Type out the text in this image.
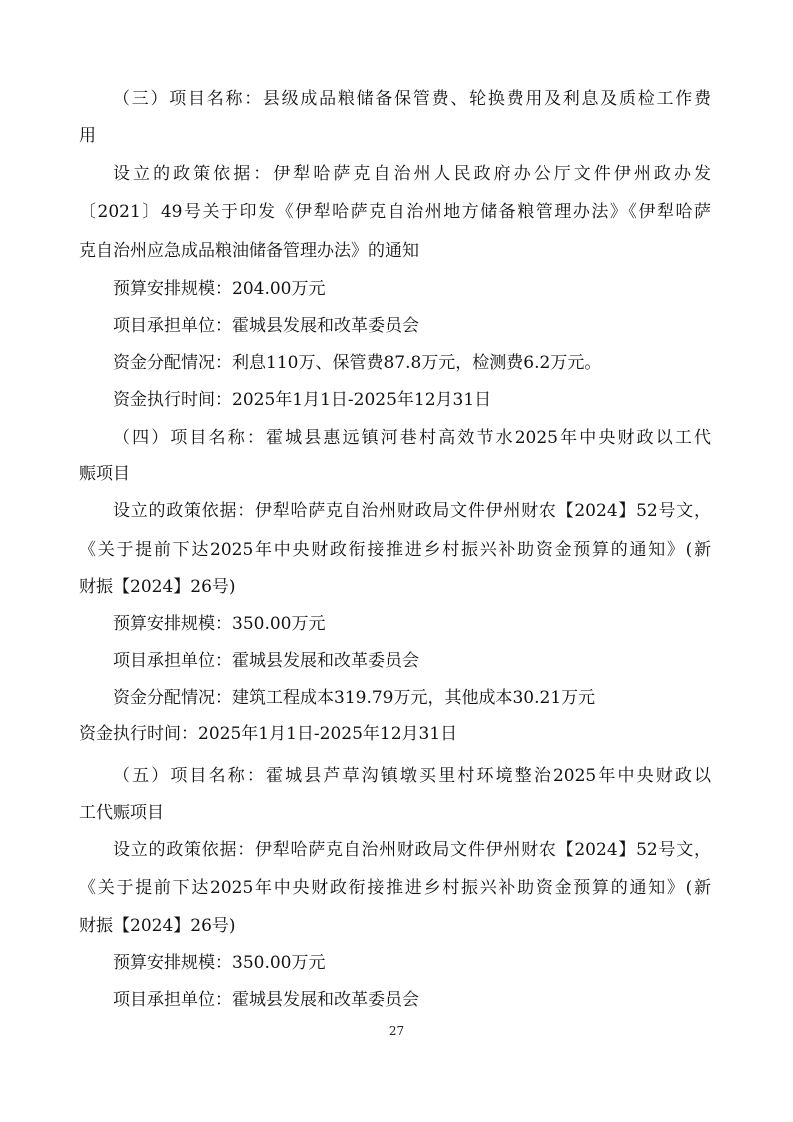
（三）项目名称：县级成品粮储备保管费、轮换费用及利息及质检工作费
用
设立的政策依据：伊犁哈萨克自治州人民政府办公厅文件伊州政办发
〔2021〕49号关于印发《伊犁哈萨克自治州地方储备粮管理办法》《伊犁哈萨
克自治州应急成品粮油储备管理办法》的通知
预算安排规模：204.00万元
项目承担单位：霍城县发展和改革委员会
资金分配情况：利息110万、保管费87.8万元，检测费6.2万元。
资金执行时间：2025年1月1日-2025年12月31日
（四）项目名称：霍城县惠远镇河巷村高效节水2025年中央财政以工代
赈项目
设立的政策依据：伊犁哈萨克自治州财政局文件伊州财农【2024】52号文，
《关于提前下达2025年中央财政衔接推进乡村振兴补助资金预算的通知》(新
财振【2024】26号)
预算安排规模：350.00万元
项目承担单位：霍城县发展和改革委员会
资金分配情况：建筑工程成本319.79万元，其他成本30.21万元
资金执行时间：2025年1月1日-2025年12月31日
（五）项目名称：霍城县芦草沟镇墩买里村环境整治2025年中央财政以
工代赈项目
设立的政策依据：伊犁哈萨克自治州财政局文件伊州财农【2024】52号文，
《关于提前下达2025年中央财政衔接推进乡村振兴补助资金预算的通知》(新
财振【2024】26号)
预算安排规模：350.00万元
项目承担单位：霍城县发展和改革委员会
27
